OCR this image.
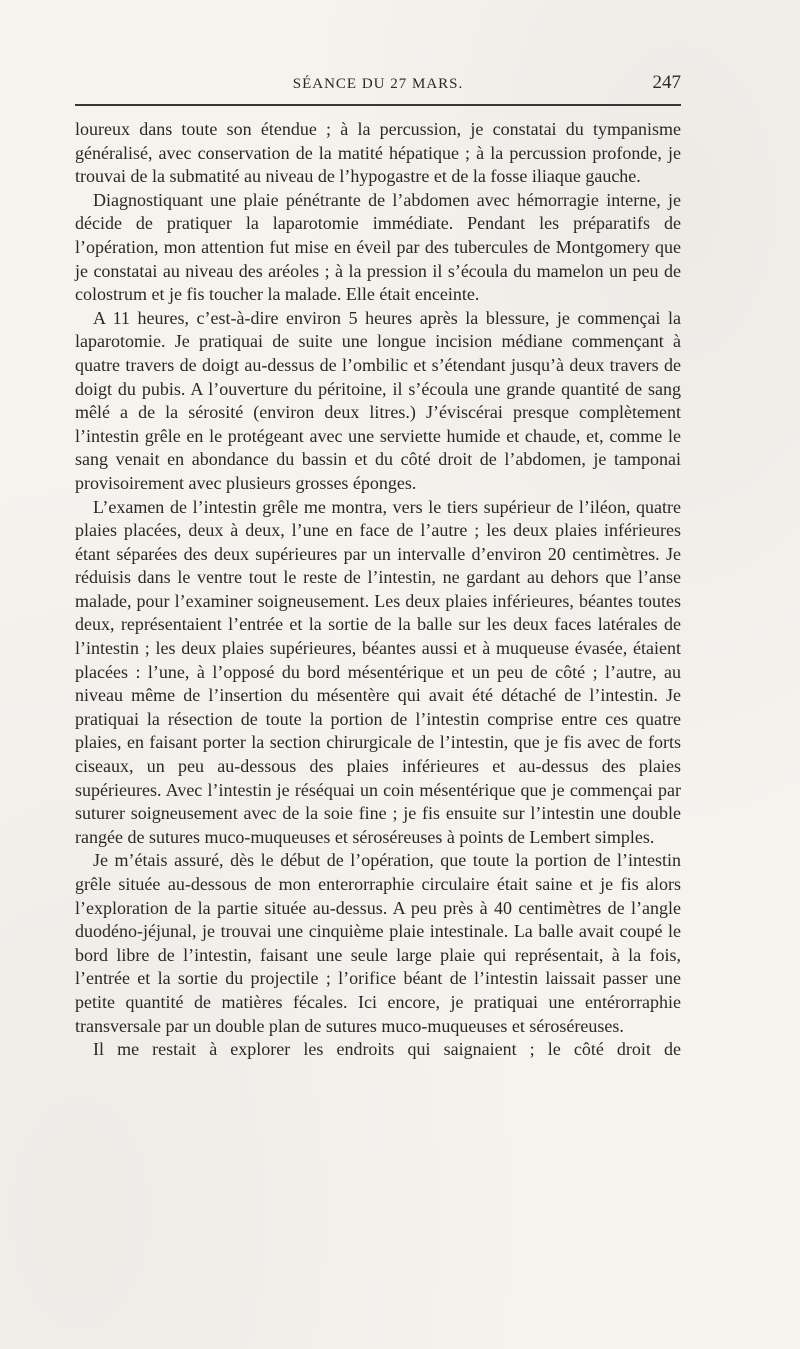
SÉANCE DU 27 MARS.	247

loureux dans toute son étendue ; à la percussion, je constatai du tympanisme généralisé, avec conservation de la matité hépatique ; à la percussion profonde, je trouvai de la submatité au niveau de l’hypogastre et de la fosse iliaque gauche.

Diagnostiquant une plaie pénétrante de l’abdomen avec hémorragie interne, je décide de pratiquer la laparotomie immédiate. Pendant les préparatifs de l’opération, mon attention fut mise en éveil par des tubercules de Montgomery que je constatai au niveau des aréoles ; à la pression il s’écoula du mamelon un peu de colostrum et je fis toucher la malade. Elle était enceinte.

A 11 heures, c’est-à-dire environ 5 heures après la blessure, je commençai la laparotomie. Je pratiquai de suite une longue incision médiane commençant à quatre travers de doigt au-dessus de l’ombilic et s’étendant jusqu’à deux travers de doigt du pubis. A l’ouverture du péritoine, il s’écoula une grande quantité de sang mêlé a de la sérosité (environ deux litres.) J’éviscérai presque complètement l’intestin grêle en le protégeant avec une serviette humide et chaude, et, comme le sang venait en abondance du bassin et du côté droit de l’abdomen, je tamponai provisoirement avec plusieurs grosses éponges.

L’examen de l’intestin grêle me montra, vers le tiers supérieur de l’iléon, quatre plaies placées, deux à deux, l’une en face de l’autre ; les deux plaies inférieures étant séparées des deux supérieures par un intervalle d’environ 20 centimètres. Je réduisis dans le ventre tout le reste de l’intestin, ne gardant au dehors que l’anse malade, pour l’examiner soigneusement. Les deux plaies inférieures, béantes toutes deux, représentaient l’entrée et la sortie de la balle sur les deux faces latérales de l’intestin ; les deux plaies supérieures, béantes aussi et à muqueuse évasée, étaient placées : l’une, à l’opposé du bord mésentérique et un peu de côté ; l’autre, au niveau même de l’insertion du mésentère qui avait été détaché de l’intestin. Je pratiquai la résection de toute la portion de l’intestin comprise entre ces quatre plaies, en faisant porter la section chirurgicale de l’intestin, que je fis avec de forts ciseaux, un peu au-dessous des plaies inférieures et au-dessus des plaies supérieures. Avec l’intestin je réséquai un coin mésentérique que je commençai par suturer soigneusement avec de la soie fine ; je fis ensuite sur l’intestin une double rangée de sutures muco-muqueuses et séroséreuses à points de Lembert simples.

Je m’étais assuré, dès le début de l’opération, que toute la portion de l’intestin grêle située au-dessous de mon enterorraphie circulaire était saine et je fis alors l’exploration de la partie située au-dessus. A peu près à 40 centimètres de l’angle duodéno-jéjunal, je trouvai une cinquième plaie intestinale. La balle avait coupé le bord libre de l’intestin, faisant une seule large plaie qui représentait, à la fois, l’entrée et la sortie du projectile ; l’orifice béant de l’intestin laissait passer une petite quantité de matières fécales. Ici encore, je pratiquai une entérorraphie transversale par un double plan de sutures muco-muqueuses et séroséreuses.

Il me restait à explorer les endroits qui saignaient ; le côté droit de
